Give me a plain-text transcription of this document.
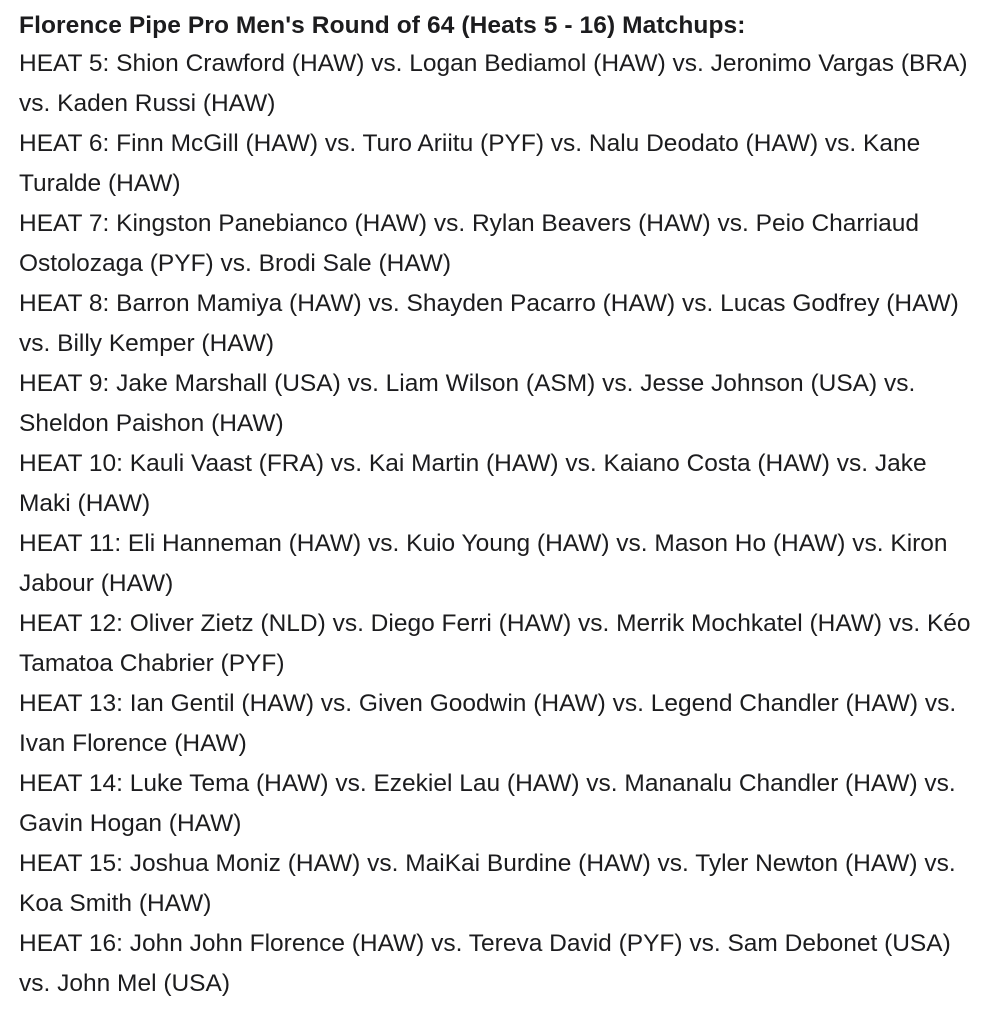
Florence Pipe Pro Men's Round of 64 (Heats 5 - 16) Matchups:

HEAT 5: Shion Crawford (HAW) vs. Logan Bediamol (HAW) vs. Jeronimo Vargas (BRA) vs. Kaden Russi (HAW)

HEAT 6: Finn McGill (HAW) vs. Turo Ariitu (PYF) vs. Nalu Deodato (HAW) vs. Kane Turalde (HAW)

HEAT 7: Kingston Panebianco (HAW) vs. Rylan Beavers (HAW) vs. Peio Charriaud Ostolozaga (PYF) vs. Brodi Sale (HAW)

HEAT 8: Barron Mamiya (HAW) vs. Shayden Pacarro (HAW) vs. Lucas Godfrey (HAW) vs. Billy Kemper (HAW)

HEAT 9: Jake Marshall (USA) vs. Liam Wilson (ASM) vs. Jesse Johnson (USA) vs. Sheldon Paishon (HAW)

HEAT 10: Kauli Vaast (FRA) vs. Kai Martin (HAW) vs. Kaiano Costa (HAW) vs. Jake Maki (HAW)

HEAT 11: Eli Hanneman (HAW) vs. Kuio Young (HAW) vs. Mason Ho (HAW) vs. Kiron Jabour (HAW)

HEAT 12: Oliver Zietz (NLD) vs. Diego Ferri (HAW) vs. Merrik Mochkatel (HAW) vs. Kéo Tamatoa Chabrier (PYF)

HEAT 13: Ian Gentil (HAW) vs. Given Goodwin (HAW) vs. Legend Chandler (HAW) vs. Ivan Florence (HAW)

HEAT 14: Luke Tema (HAW) vs. Ezekiel Lau (HAW) vs. Mananalu Chandler (HAW) vs. Gavin Hogan (HAW)

HEAT 15: Joshua Moniz (HAW) vs. MaiKai Burdine (HAW) vs. Tyler Newton (HAW) vs. Koa Smith (HAW)

HEAT 16: John John Florence (HAW) vs. Tereva David (PYF) vs. Sam Debonet (USA) vs. John Mel (USA)
